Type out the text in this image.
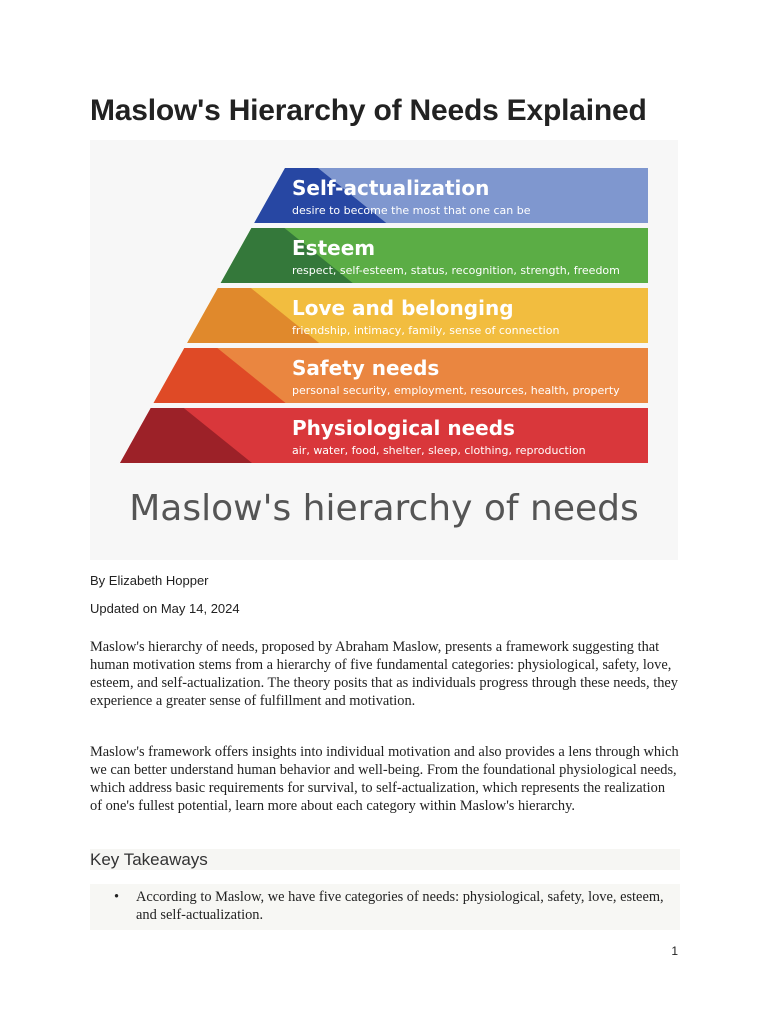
Maslow's Hierarchy of Needs Explained
Self-actualization
desire to become the most that one can be
Esteem
respect, self-esteem, status, recognition, strength, freedom
Love and belonging
friendship, intimacy, family, sense of connection
Safety needs
personal security, employment, resources, health, property
Physiological needs
air, water, food, shelter, sleep, clothing, reproduction
Maslow's hierarchy of needs

By Elizabeth Hopper

Updated on May 14, 2024

Maslow's hierarchy of needs, proposed by Abraham Maslow, presents a framework suggesting that human motivation stems from a hierarchy of five fundamental categories: physiological, safety, love, esteem, and self-actualization. The theory posits that as individuals progress through these needs, they experience a greater sense of fulfillment and motivation.

Maslow's framework offers insights into individual motivation and also provides a lens through which we can better understand human behavior and well-being. From the foundational physiological needs, which address basic requirements for survival, to self-actualization, which represents the realization of one's fullest potential, learn more about each category within Maslow's hierarchy.

Key Takeaways
• According to Maslow, we have five categories of needs: physiological, safety, love, esteem, and self-actualization.
1
